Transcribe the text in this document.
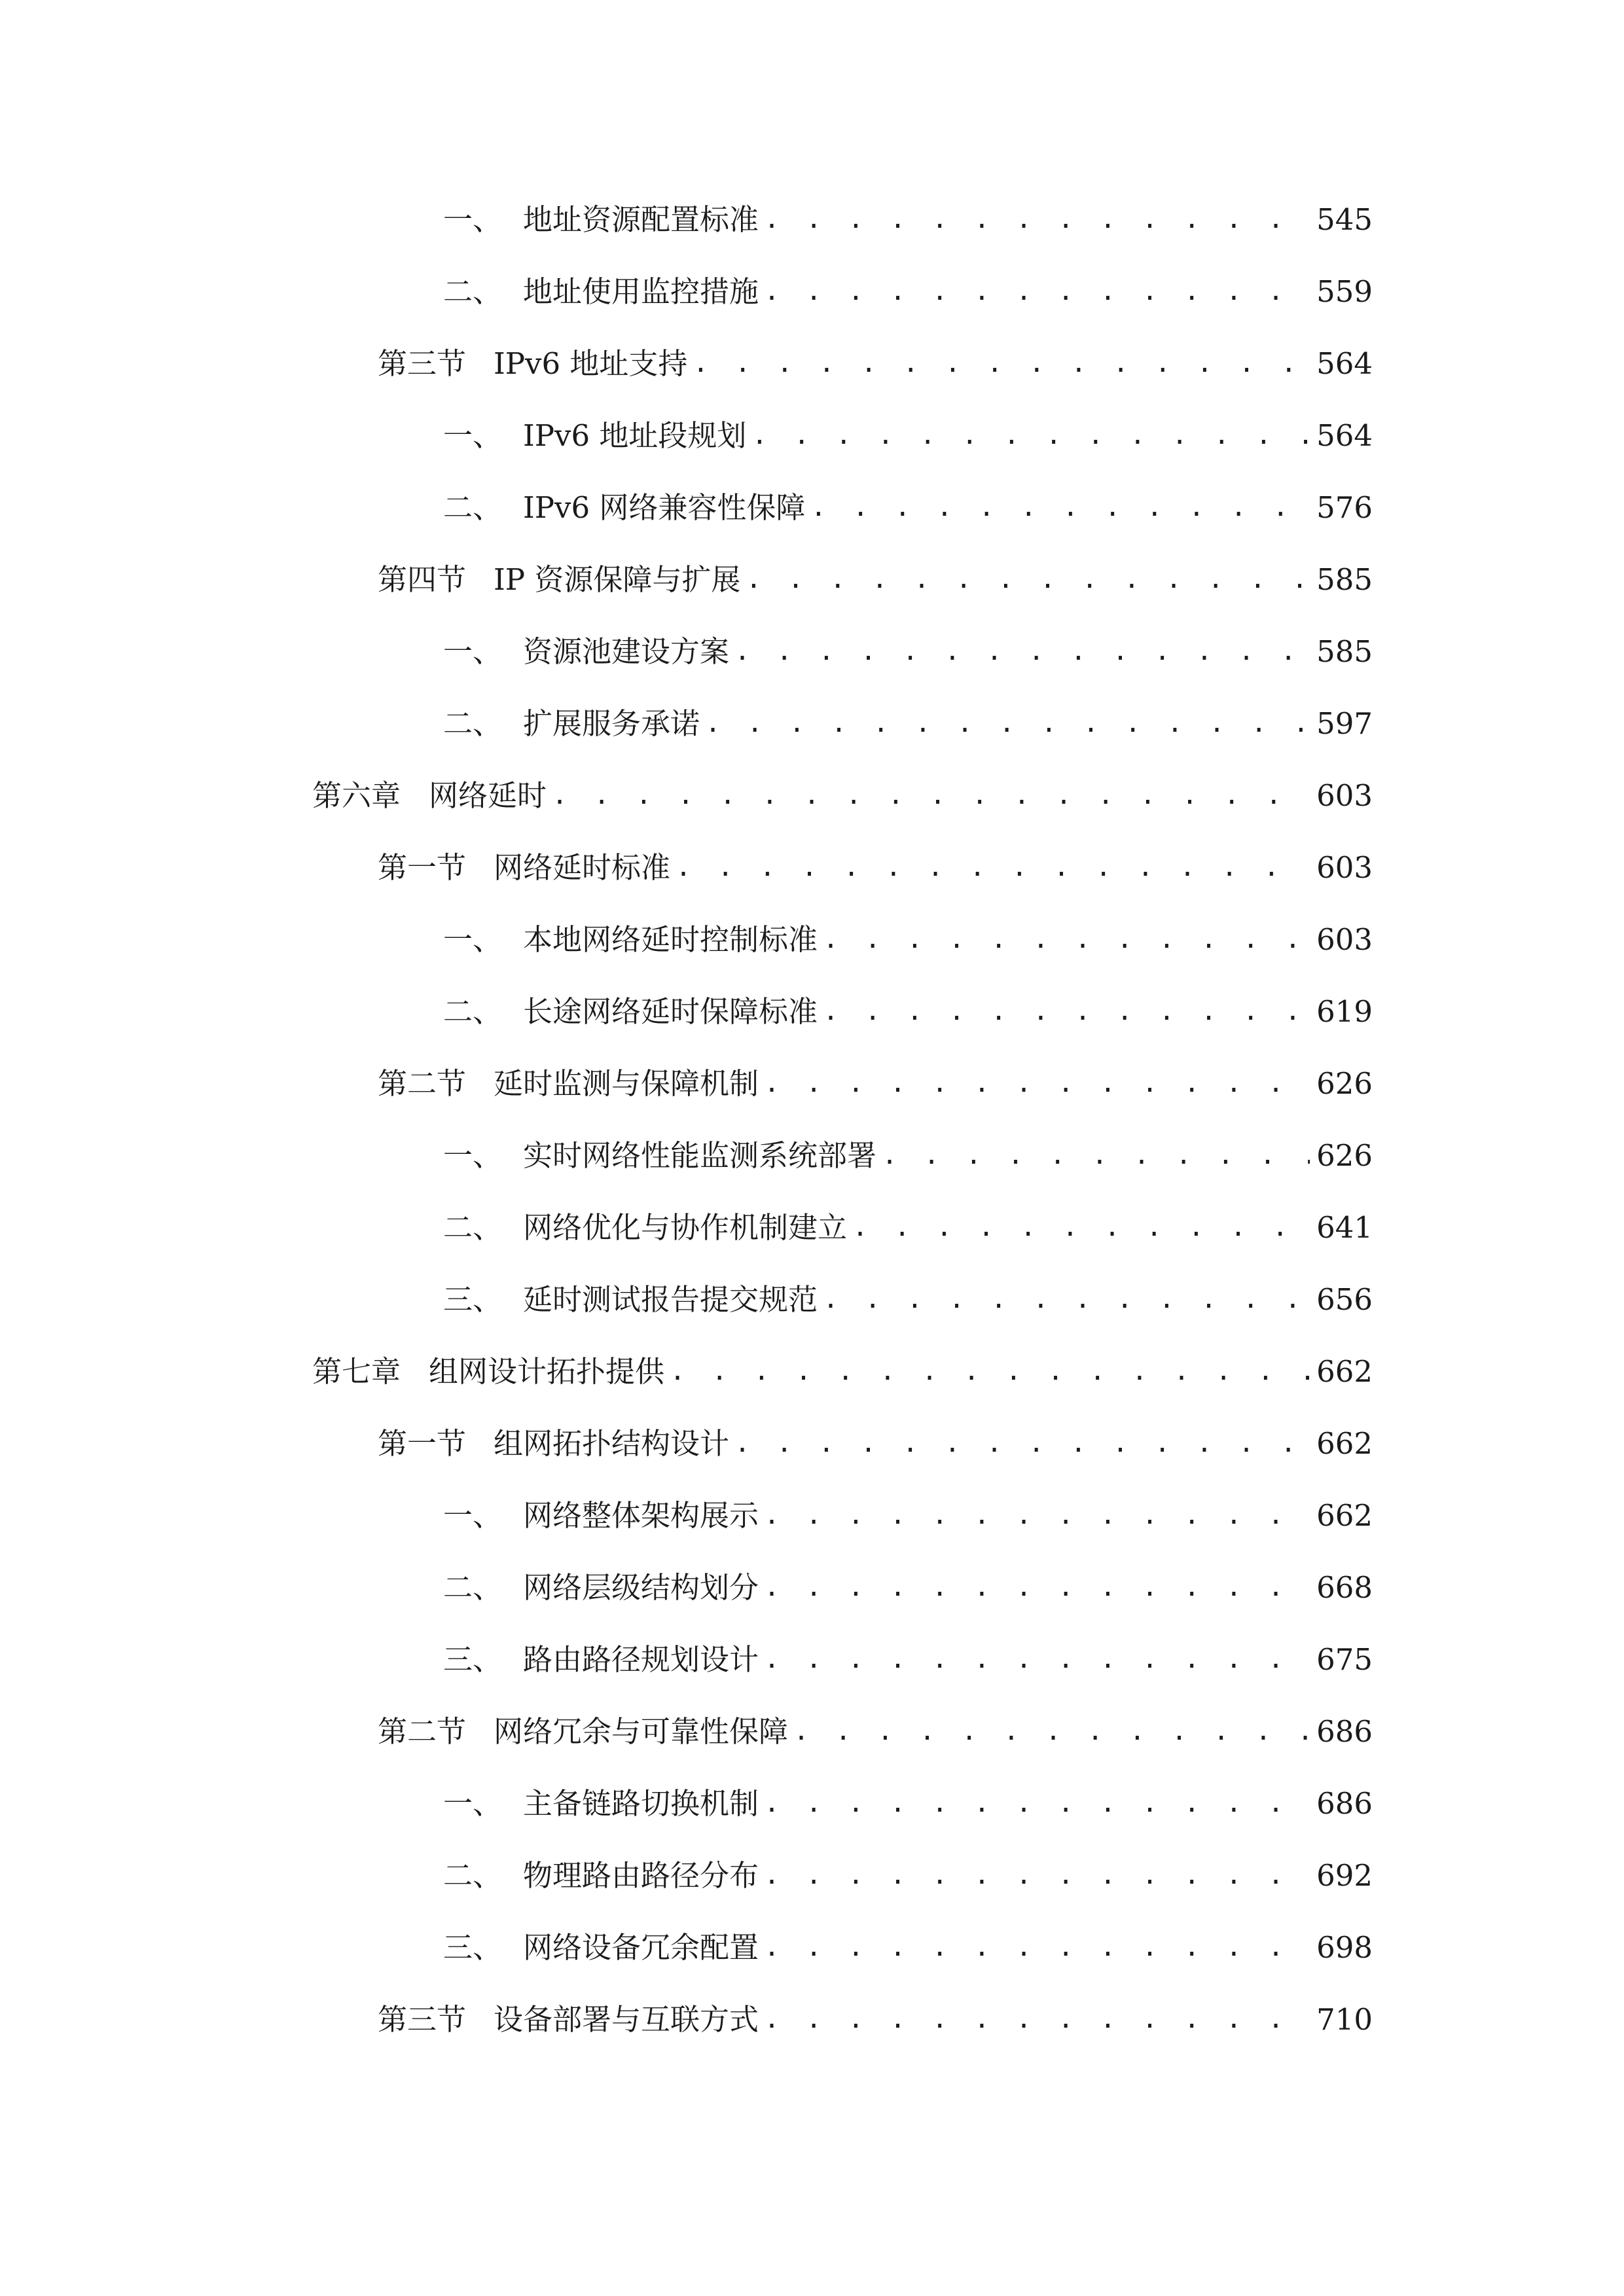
一、 地址资源配置标准 . . .	545
二、 地址使用监控措施 . . .	559
第三节 IPv6 地址支持 . . .	564
一、 IPv6 地址段规划 . . .	564
二、 IPv6 网络兼容性保障 . . .	576
第四节 IP 资源保障与扩展 . . .	585
一、 资源池建设方案 . . .	585
二、 扩展服务承诺 . . .	597
第六章 网络延时 . . .	603
第一节 网络延时标准 . . .	603
一、 本地网络延时控制标准 . . .	603
二、 长途网络延时保障标准 . . .	619
第二节 延时监测与保障机制 . . .	626
一、 实时网络性能监测系统部署 . . .	626
二、 网络优化与协作机制建立 . . .	641
三、 延时测试报告提交规范 . . .	656
第七章 组网设计拓扑提供 . . .	662
第一节 组网拓扑结构设计 . . .	662
一、 网络整体架构展示 . . .	662
二、 网络层级结构划分 . . .	668
三、 路由路径规划设计 . . .	675
第二节 网络冗余与可靠性保障 . . .	686
一、 主备链路切换机制 . . .	686
二、 物理路由路径分布 . . .	692
三、 网络设备冗余配置 . . .	698
第三节 设备部署与互联方式 . . .	710
